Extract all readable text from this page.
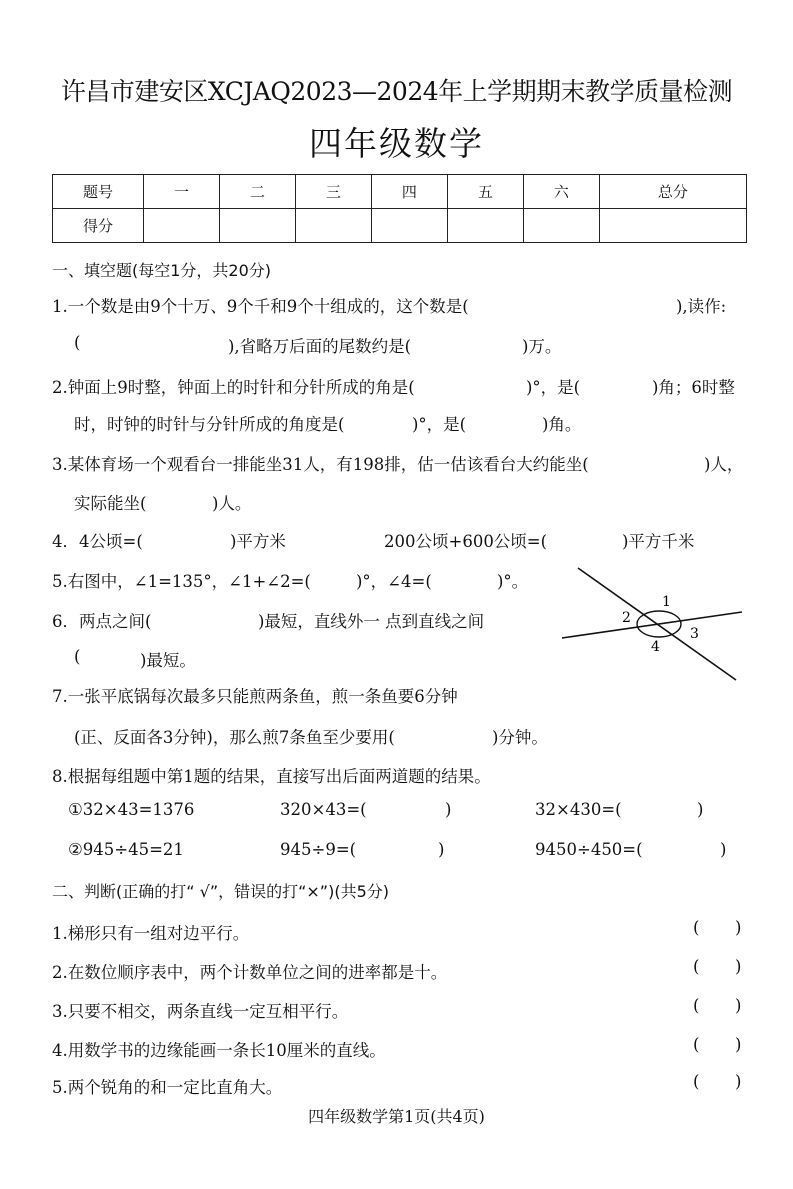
许昌市建安区XCJAQ2023—2024年上学期期末教学质量检测
四年级数学
题号	一	二	三	四	五	六	总分
得分							
一、填空题(每空1分，共20分)
1.一个数是由9个十万、9个千和9个十组成的，这个数是(	),读作:
(	),省略万后面的尾数约是(	)万。
2.钟面上9时整，钟面上的时针和分针所成的角是(	)°，是(	)角；6时整
时，时钟的时针与分针所成的角度是(	)°，是(	)角。
3.某体育场一个观看台一排能坐31人，有198排，估一估该看台大约能坐(	)人，
实际能坐(	)人。
4．4公顷=(	)平方米	200公顷+600公顷=(	)平方千米
5.右图中，∠1=135°，∠1+∠2=(	)°，∠4=(	)°。
1
2
3
4
6．两点之间(	)最短，直线外一 点到直线之间
(	)最短。
7.一张平底锅每次最多只能煎两条鱼，煎一条鱼要6分钟
(正、反面各3分钟)，那么煎7条鱼至少要用(	)分钟。
8.根据每组题中第1题的结果，直接写出后面两道题的结果。
①32×43=1376	320×43=(	)	32×430=(	)
②945÷45=21	945÷9=(	)	9450÷450=(	)
二、判断(正确的打“ √”，错误的打“×”)(共5分)
1.梯形只有一组对边平行。	( )
2.在数位顺序表中，两个计数单位之间的进率都是十。	( )
3.只要不相交，两条直线一定互相平行。	( )
4.用数学书的边缘能画一条长10厘米的直线。	( )
5.两个锐角的和一定比直角大。	( )
四年级数学第1页(共4页)
